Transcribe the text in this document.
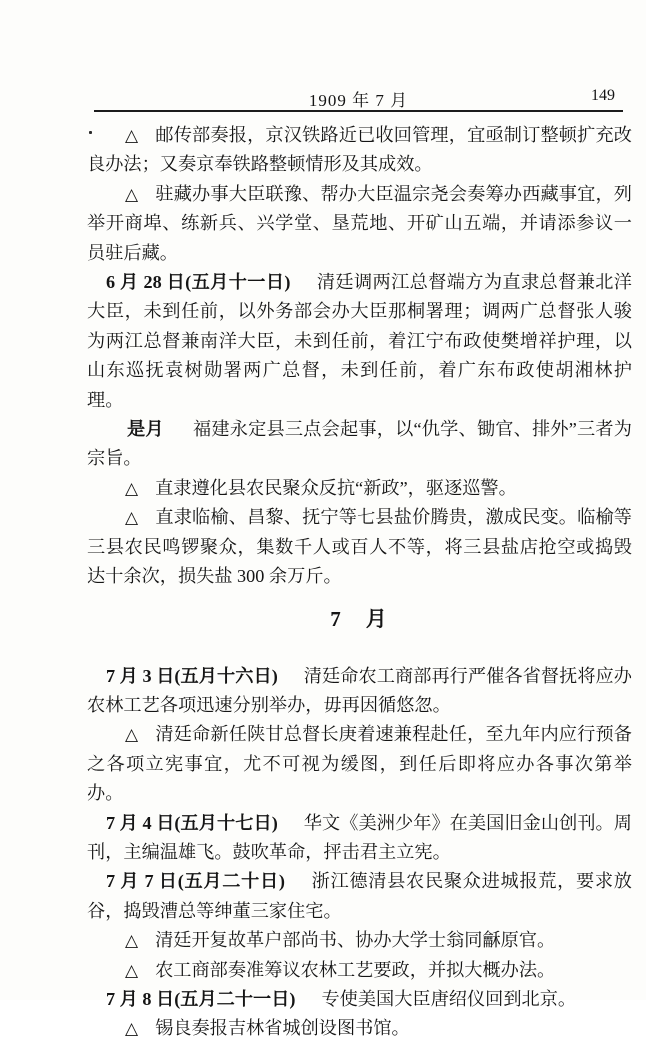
1909 年 7 月	149

△ 邮传部奏报，京汉铁路近已收回管理，宜亟制订整顿扩充改良办法；又奏京奉铁路整顿情形及其成效。

△ 驻藏办事大臣联豫、帮办大臣温宗尧会奏筹办西藏事宜，列举开商埠、练新兵、兴学堂、垦荒地、开矿山五端，并请添参议一员驻后藏。

6 月 28 日(五月十一日) 清廷调两江总督端方为直隶总督兼北洋大臣，未到任前，以外务部会办大臣那桐署理；调两广总督张人骏为两江总督兼南洋大臣，未到任前，着江宁布政使樊增祥护理，以山东巡抚袁树勋署两广总督，未到任前，着广东布政使胡湘林护理。

是月 福建永定县三点会起事，以“仇学、锄官、排外”三者为宗旨。

△ 直隶遵化县农民聚众反抗“新政”，驱逐巡警。

△ 直隶临榆、昌黎、抚宁等七县盐价腾贵，激成民变。临榆等三县农民鸣锣聚众，集数千人或百人不等，将三县盐店抢空或捣毁达十余次，损失盐 300 余万斤。

7　月

7 月 3 日(五月十六日) 清廷命农工商部再行严催各省督抚将应办农林工艺各项迅速分别举办，毋再因循悠忽。

△ 清廷命新任陕甘总督长庚着速兼程赴任，至九年内应行预备之各项立宪事宜，尤不可视为缓图，到任后即将应办各事次第举办。

7 月 4 日(五月十七日) 华文《美洲少年》在美国旧金山创刊。周刊，主编温雄飞。鼓吹革命，抨击君主立宪。

7 月 7 日(五月二十日) 浙江德清县农民聚众进城报荒，要求放谷，捣毁漕总等绅董三家住宅。

△ 清廷开复故革户部尚书、协办大学士翁同龢原官。

△ 农工商部奏准筹议农林工艺要政，并拟大概办法。

7 月 8 日(五月二十一日) 专使美国大臣唐绍仪回到北京。

△ 锡良奏报吉林省城创设图书馆。
